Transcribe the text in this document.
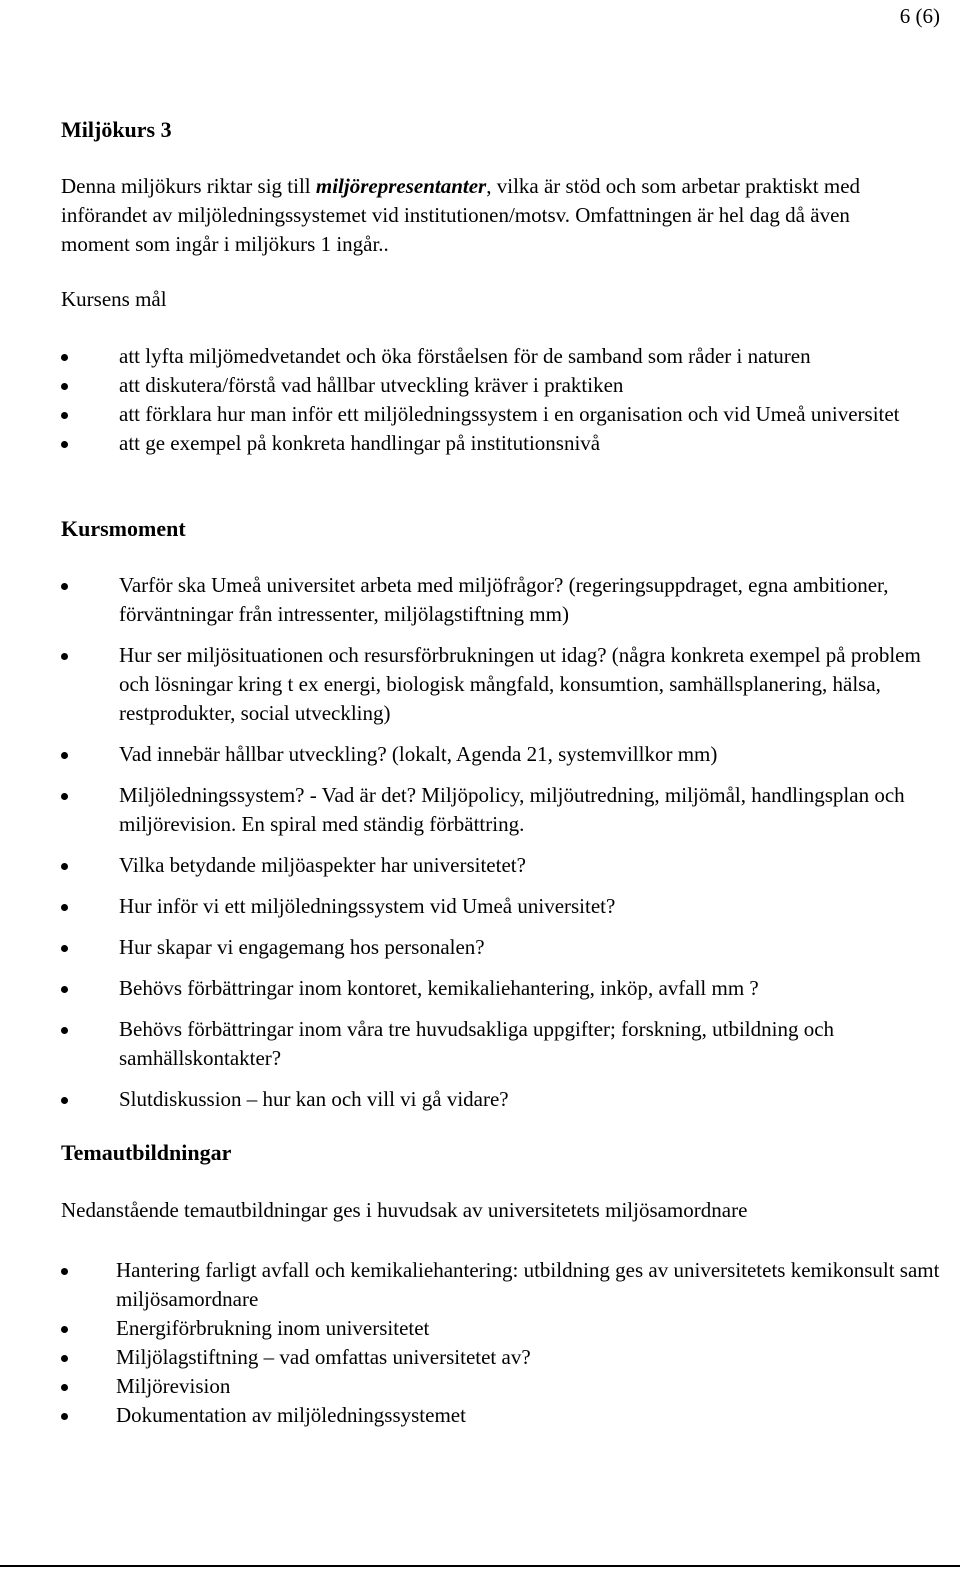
6 (6)
Miljökurs 3
Denna miljökurs riktar sig till miljörepresentanter, vilka är stöd och som arbetar praktiskt med införandet av miljöledningssystemet vid institutionen/motsv. Omfattningen är hel dag då även moment som ingår i miljökurs 1 ingår..
Kursens mål
att lyfta miljömedvetandet och öka förståelsen för de samband som råder i naturen
att diskutera/förstå vad hållbar utveckling kräver i praktiken
att förklara hur man inför ett miljöledningssystem i en organisation och vid Umeå universitet
att ge exempel på konkreta handlingar på institutionsnivå
Kursmoment
Varför ska Umeå universitet arbeta med miljöfrågor? (regeringsuppdraget, egna ambitioner, förväntningar från intressenter, miljölagstiftning mm)
Hur ser miljösituationen och resursförbrukningen ut idag? (några konkreta exempel på problem och lösningar kring t ex energi, biologisk mångfald, konsumtion, samhällsplanering, hälsa, restprodukter, social utveckling)
Vad innebär hållbar utveckling? (lokalt, Agenda 21, systemvillkor mm)
Miljöledningssystem? - Vad är det? Miljöpolicy, miljöutredning, miljömål, handlingsplan och miljörevision. En spiral med ständig förbättring.
Vilka betydande miljöaspekter har universitetet?
Hur inför vi ett miljöledningssystem vid Umeå universitet?
Hur skapar vi engagemang hos personalen?
Behövs förbättringar inom kontoret, kemikaliehantering, inköp, avfall mm ?
Behövs förbättringar inom våra tre huvudsakliga uppgifter; forskning, utbildning och samhällskontakter?
Slutdiskussion – hur kan och vill vi gå vidare?
Temautbildningar
Nedanstående temautbildningar ges i huvudsak av universitetets miljösamordnare
Hantering farligt avfall och kemikaliehantering: utbildning ges av universitetets kemikonsult samt miljösamordnare
Energiförbrukning inom universitetet
Miljölagstiftning – vad omfattas universitetet av?
Miljörevision
Dokumentation av miljöledningssystemet
